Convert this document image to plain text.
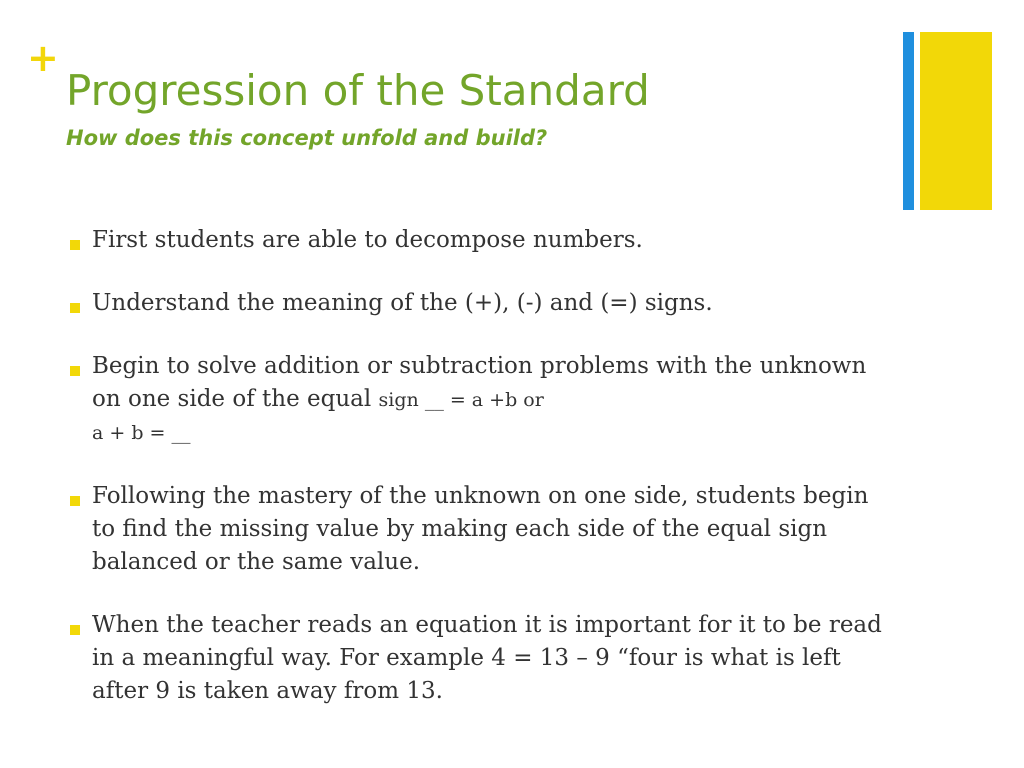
+
Progression of the Standard
How does this concept unfold and build?
First students are able to decompose numbers.
Understand the meaning of the (+), (-) and (=) signs.
Begin to solve addition or subtraction problems with the unknown on one side of the equal sign __ = a +b or
a + b = __
Following the mastery of the unknown on one side, students begin to find the missing value by making each side of the equal sign balanced or the same value.
When the teacher reads an equation it is important for it to be read in a meaningful way. For example 4 = 13 – 9 “four is what is left after 9 is taken away from 13.
